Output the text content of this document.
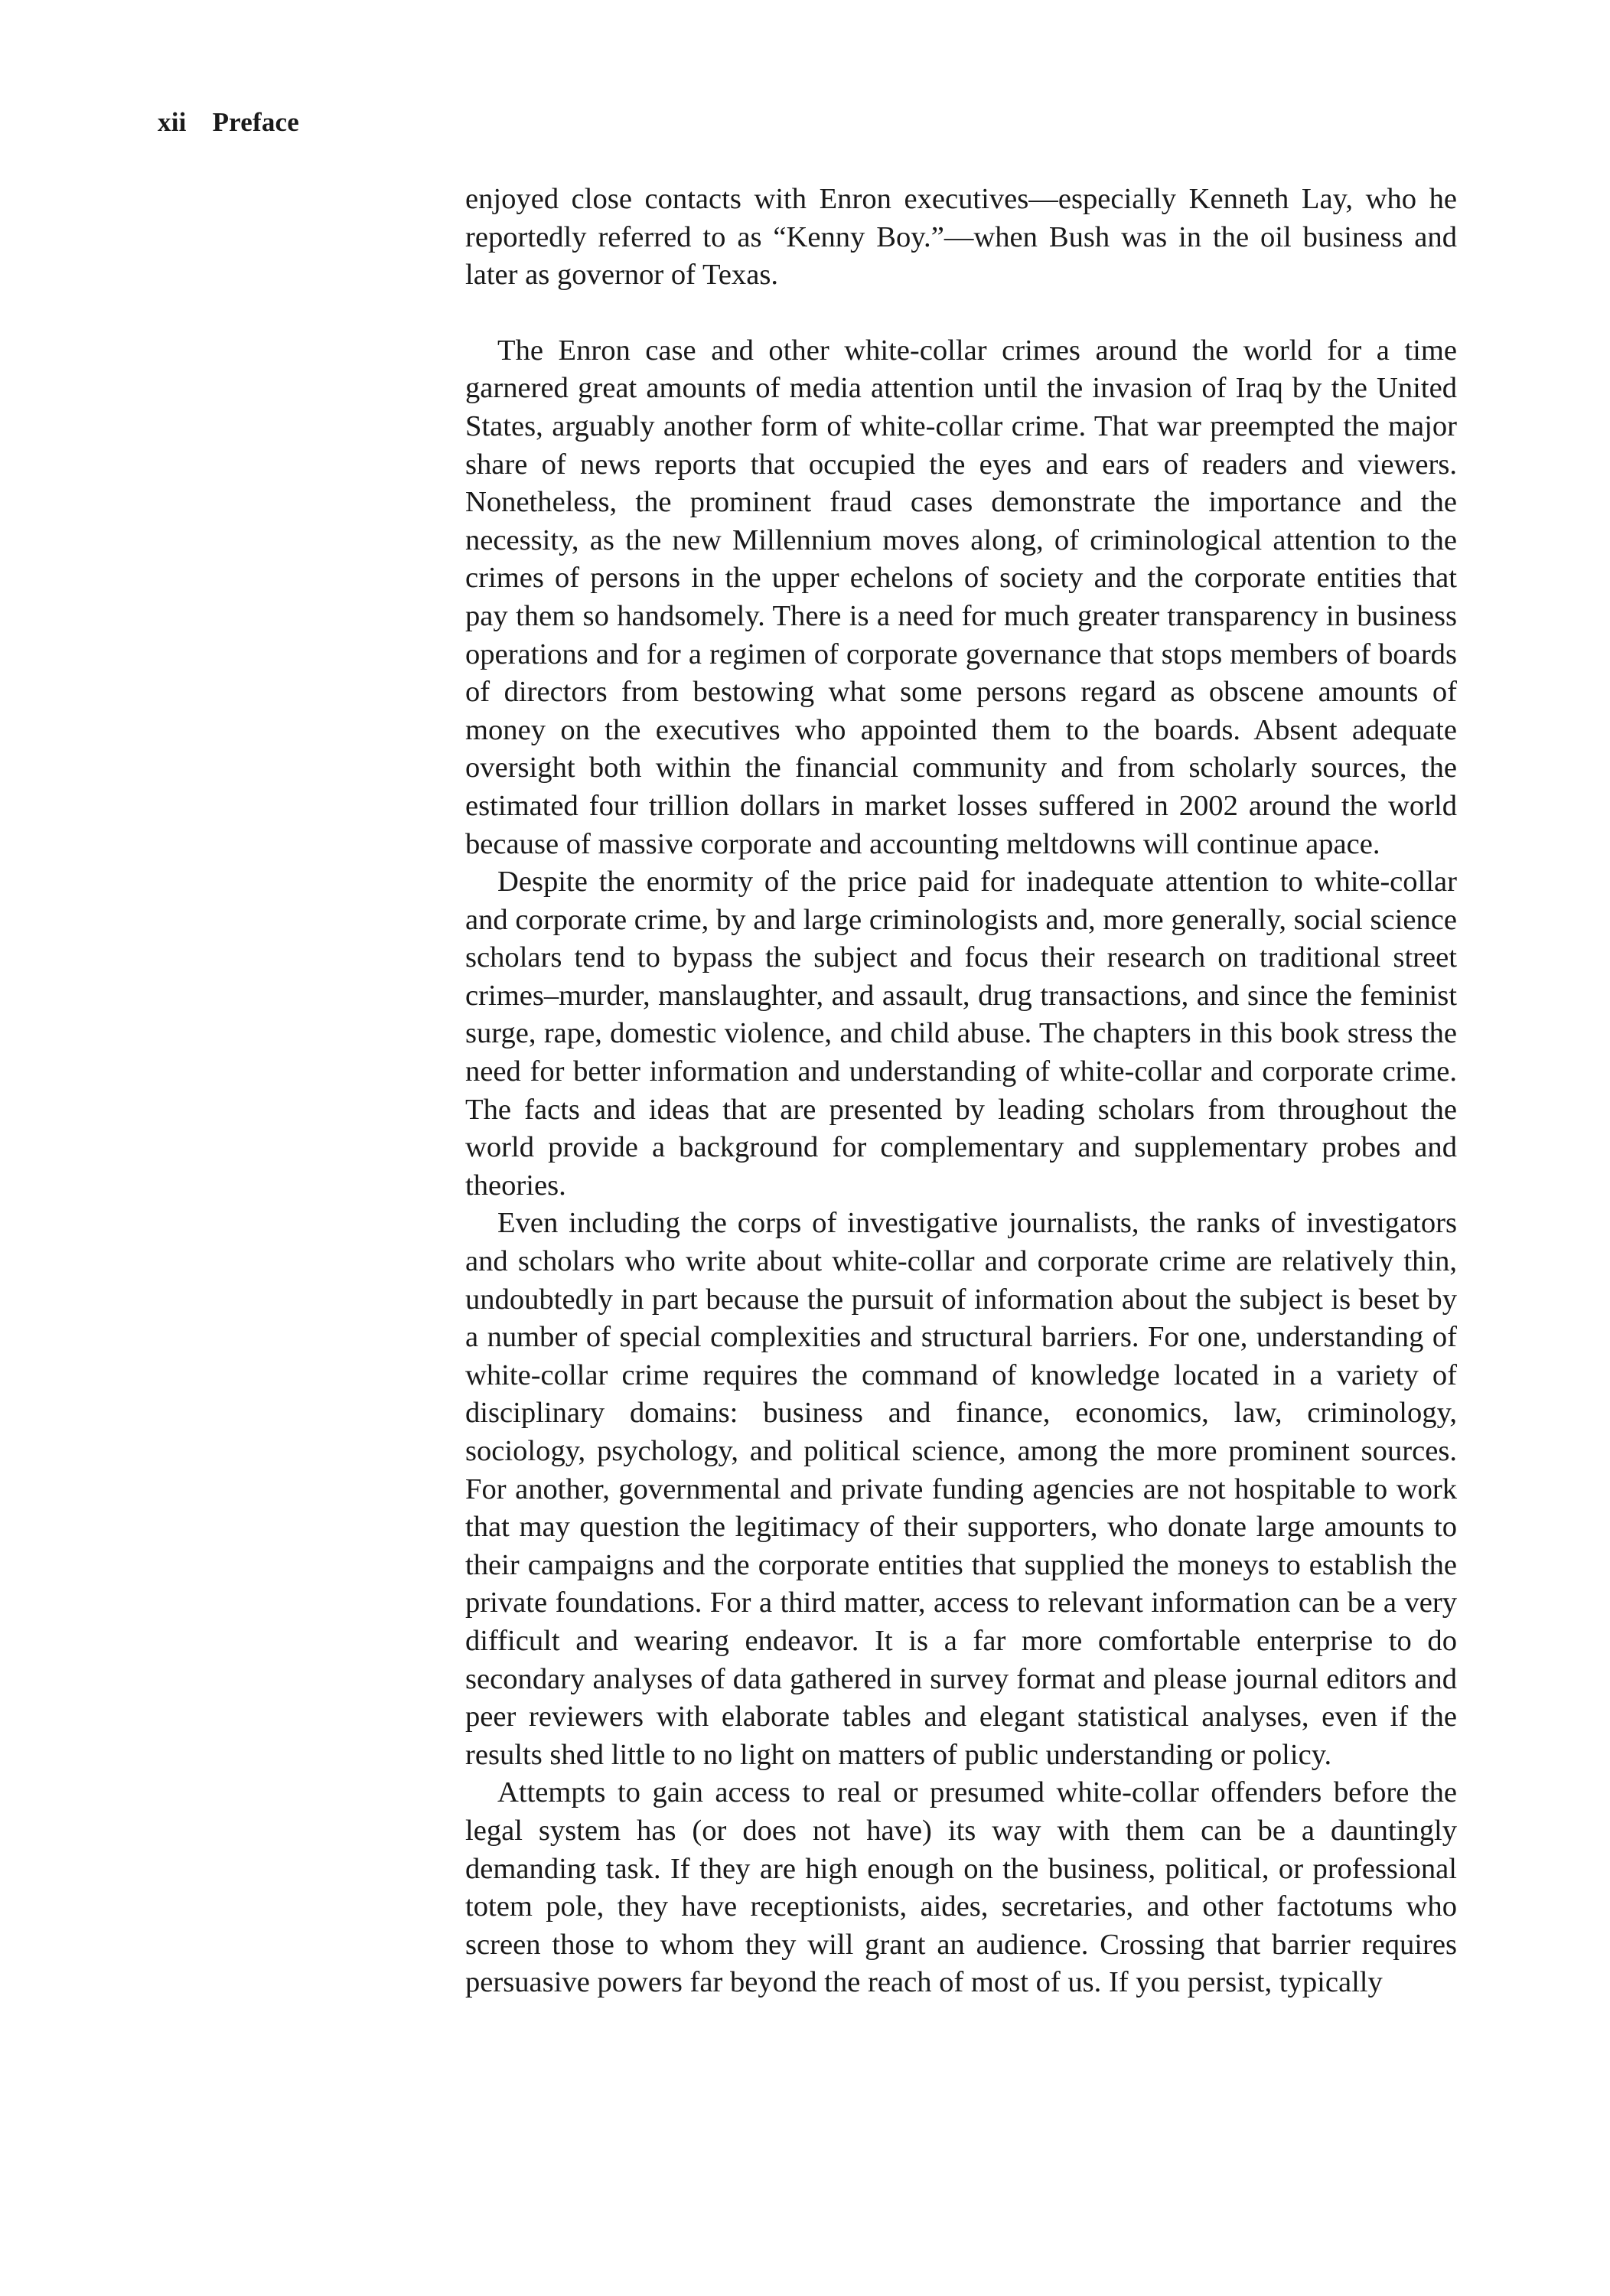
xii Preface

enjoyed close contacts with Enron executives—especially Kenneth Lay, who he reportedly referred to as “Kenny Boy.”—when Bush was in the oil business and later as governor of Texas.

The Enron case and other white-collar crimes around the world for a time garnered great amounts of media attention until the invasion of Iraq by the United States, arguably another form of white-collar crime. That war preempted the major share of news reports that occupied the eyes and ears of readers and viewers. Nonetheless, the prominent fraud cases demonstrate the importance and the necessity, as the new Millennium moves along, of criminological attention to the crimes of persons in the upper echelons of society and the corporate entities that pay them so handsomely. There is a need for much greater transparency in business operations and for a regimen of corporate governance that stops members of boards of directors from bestowing what some persons regard as obscene amounts of money on the executives who appointed them to the boards. Absent adequate oversight both within the financial community and from scholarly sources, the estimated four trillion dollars in market losses suffered in 2002 around the world because of massive corporate and accounting meltdowns will continue apace.

Despite the enormity of the price paid for inadequate attention to white-collar and corporate crime, by and large criminologists and, more generally, social science scholars tend to bypass the subject and focus their research on traditional street crimes–murder, manslaughter, and assault, drug transactions, and since the feminist surge, rape, domestic violence, and child abuse. The chapters in this book stress the need for better information and understanding of white-collar and corporate crime. The facts and ideas that are presented by leading scholars from throughout the world provide a background for complementary and supplementary probes and theories.

Even including the corps of investigative journalists, the ranks of investigators and scholars who write about white-collar and corporate crime are relatively thin, undoubtedly in part because the pursuit of information about the subject is beset by a number of special complexities and structural barriers. For one, understanding of white-collar crime requires the command of knowledge located in a variety of disciplinary domains: business and finance, economics, law, criminology, sociology, psychology, and political science, among the more prominent sources. For another, governmental and private funding agencies are not hospitable to work that may question the legitimacy of their supporters, who donate large amounts to their campaigns and the corporate entities that supplied the moneys to establish the private foundations. For a third matter, access to relevant information can be a very difficult and wearing endeavor. It is a far more comfortable enterprise to do secondary analyses of data gathered in survey format and please journal editors and peer reviewers with elaborate tables and elegant statistical analyses, even if the results shed little to no light on matters of public understanding or policy.

Attempts to gain access to real or presumed white-collar offenders before the legal system has (or does not have) its way with them can be a dauntingly demanding task. If they are high enough on the business, political, or professional totem pole, they have receptionists, aides, secretaries, and other factotums who screen those to whom they will grant an audience. Crossing that barrier requires persuasive powers far beyond the reach of most of us. If you persist, typically
